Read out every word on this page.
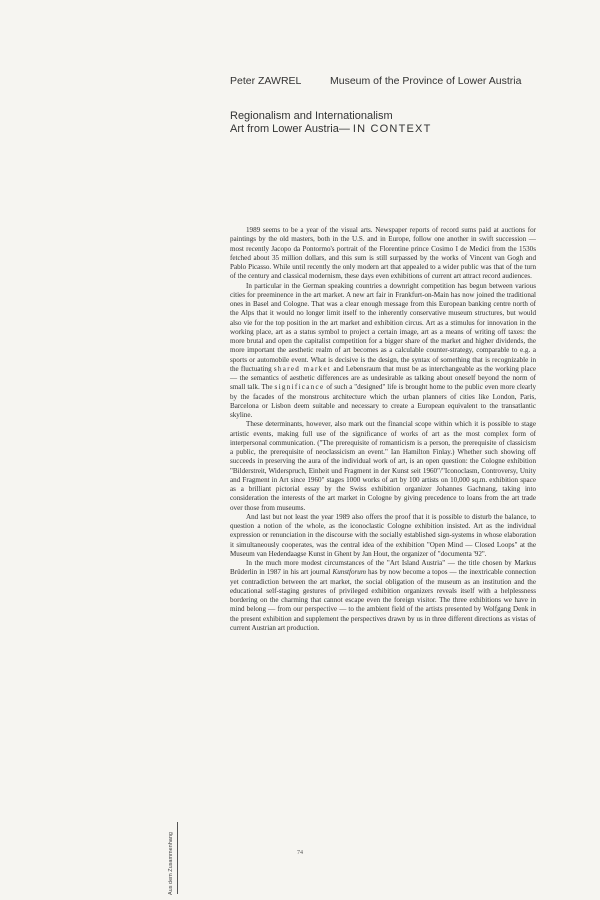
Peter ZAWREL	Museum of the Province of Lower Austria
Regionalism and Internationalism
Art from Lower Austria— IN CONTEXT

1989 seems to be a year of the visual arts. Newspaper reports of record sums paid at auctions for paintings by the old masters, both in the U.S. and in Europe, follow one another in swift succession — most recently Jacopo da Pontormo's portrait of the Florentine prince Cosimo I de Medici from the 1530s fetched about 35 million dollars, and this sum is still surpassed by the works of Vincent van Gogh and Pablo Picasso. While until recently the only modern art that appealed to a wider public was that of the turn of the century and classical modernism, these days even exhibitions of current art attract record audiences.

In particular in the German speaking countries a downright competition has begun between various cities for preeminence in the art market. A new art fair in Frankfurt-on-Main has now joined the traditional ones in Basel and Cologne. That was a clear enough message from this European banking centre north of the Alps that it would no longer limit itself to the inherently conservative museum structures, but would also vie for the top position in the art market and exhibition circus. Art as a stimulus for innovation in the working place, art as a status symbol to project a certain image, art as a means of writing off taxes: the more brutal and open the capitalist competition for a bigger share of the market and higher dividends, the more important the aesthetic realm of art becomes as a calculable counter-strategy, comparable to e.g. a sports or automobile event. What is decisive is the design, the syntax of something that is recognizable in the fluctuating shared market and Lebensraum that must be as interchangeable as the working place — the semantics of aesthetic differences are as undesirable as talking about oneself beyond the norm of small talk. The significance of such a "designed" life is brought home to the public even more clearly by the facades of the monstrous architecture which the urban planners of cities like London, Paris, Barcelona or Lisbon deem suitable and necessary to create a European equivalent to the transatlantic skyline.

These determinants, however, also mark out the financial scope within which it is possible to stage artistic events, making full use of the significance of works of art as the most complex form of interpersonal communication. ("The prerequisite of romanticism is a person, the prerequisite of classicism a public, the prerequisite of neoclassicism an event." Ian Hamilton Finlay.) Whether such showing off succeeds in preserving the aura of the individual work of art, is an open question: the Cologne exhibition "Bilderstreit, Widerspruch, Einheit und Fragment in der Kunst seit 1960"/"Iconoclasm, Controversy, Unity and Fragment in Art since 1960" stages 1000 works of art by 100 artists on 10,000 sq.m. exhibition space as a brilliant pictorial essay by the Swiss exhibition organizer Johannes Gachnang, taking into consideration the interests of the art market in Cologne by giving precedence to loans from the art trade over those from museums.

And last but not least the year 1989 also offers the proof that it is possible to disturb the balance, to question a notion of the whole, as the iconoclastic Cologne exhibition insisted. Art as the individual expression or renunciation in the discourse with the socially established sign-systems in whose elaboration it simultaneously cooperates, was the central idea of the exhibition "Open Mind — Closed Loops" at the Museum van Hedendaagse Kunst in Ghent by Jan Hout, the organizer of "documenta '92".

In the much more modest circumstances of the "Art Island Austria" — the title chosen by Markus Brüderlin in 1987 in his art journal Kunstforum has by now become a topos — the inextricable connection yet contradiction between the art market, the social obligation of the museum as an institution and the educational self-staging gestures of privileged exhibition organizers reveals itself with a helplessness bordering on the charming that cannot escape even the foreign visitor. The three exhibitions we have in mind belong — from our perspective — to the ambient field of the artists presented by Wolfgang Denk in the present exhibition and supplement the perspectives drawn by us in three different directions as vistas of current Austrian art production.

74
Aus dem Zusammenhang
